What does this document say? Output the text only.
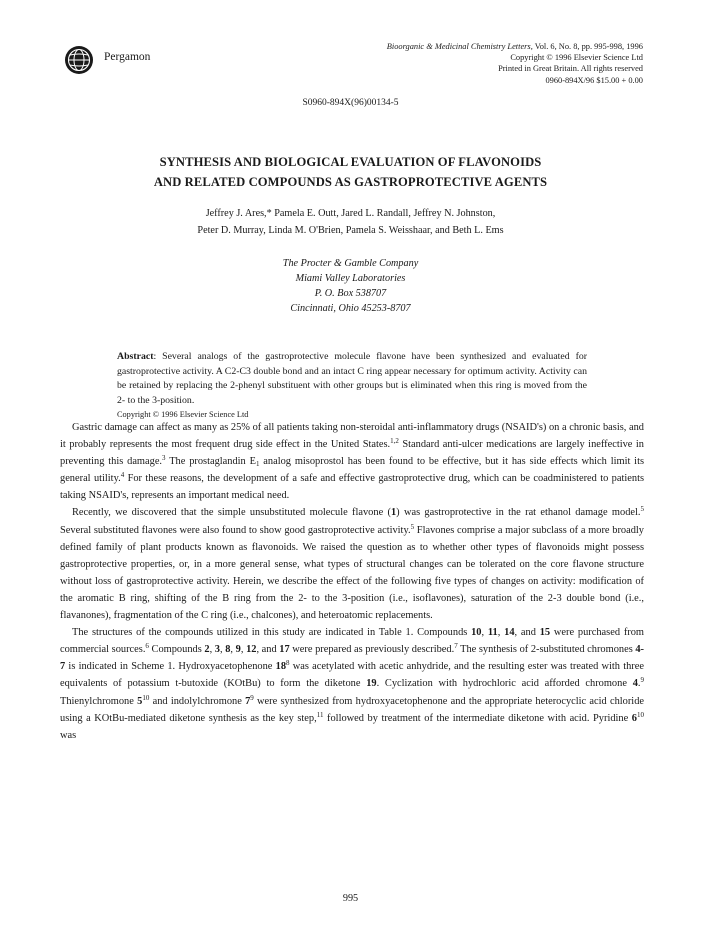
Pergamon
Bioorganic & Medicinal Chemistry Letters, Vol. 6, No. 8, pp. 995-998, 1996
Copyright © 1996 Elsevier Science Ltd
Printed in Great Britain. All rights reserved
0960-894X/96 $15.00 + 0.00
S0960-894X(96)00134-5
SYNTHESIS AND BIOLOGICAL EVALUATION OF FLAVONOIDS
AND RELATED COMPOUNDS AS GASTROPROTECTIVE AGENTS
Jeffrey J. Ares,* Pamela E. Outt, Jared L. Randall, Jeffrey N. Johnston,
Peter D. Murray, Linda M. O'Brien, Pamela S. Weisshaar, and Beth L. Ems
The Procter & Gamble Company
Miami Valley Laboratories
P. O. Box 538707
Cincinnati, Ohio 45253-8707
Abstract: Several analogs of the gastroprotective molecule flavone have been synthesized and evaluated for gastroprotective activity. A C2-C3 double bond and an intact C ring appear necessary for optimum activity. Activity can be retained by replacing the 2-phenyl substituent with other groups but is eliminated when this ring is moved from the 2- to the 3-position.
Copyright © 1996 Elsevier Science Ltd

Gastric damage can affect as many as 25% of all patients taking non-steroidal anti-inflammatory drugs (NSAID's) on a chronic basis, and it probably represents the most frequent drug side effect in the United States.$^{1,2}$ Standard anti-ulcer medications are largely ineffective in preventing this damage.$^3$ The prostaglandin $E_1$ analog misoprostol has been found to be effective, but it has side effects which limit its general utility.$^4$ For these reasons, the development of a safe and effective gastroprotective drug, which can be coadministered to patients taking NSAID's, represents an important medical need.

Recently, we discovered that the simple unsubstituted molecule flavone (1) was gastroprotective in the rat ethanol damage model.$^5$ Several substituted flavones were also found to show good gastroprotective activity.$^5$ Flavones comprise a major subclass of a more broadly defined family of plant products known as flavonoids. We raised the question as to whether other types of flavonoids might possess gastroprotective properties, or, in a more general sense, what types of structural changes can be tolerated on the core flavone structure without loss of gastroprotective activity. Herein, we describe the effect of the following five types of changes on activity: modification of the aromatic B ring, shifting of the B ring from the 2- to the 3-position (i.e., isoflavones), saturation of the 2-3 double bond (i.e., flavanones), fragmentation of the C ring (i.e., chalcones), and heteroatomic replacements.

The structures of the compounds utilized in this study are indicated in Table 1. Compounds 10, 11, 14, and 15 were purchased from commercial sources.$^6$ Compounds 2, 3, 8, 9, 12, and 17 were prepared as previously described.$^7$ The synthesis of 2-substituted chromones 4-7 is indicated in Scheme 1. Hydroxyacetophenone $18^8$ was acetylated with acetic anhydride, and the resulting ester was treated with three equivalents of potassium t-butoxide (KOtBu) to form the diketone 19. Cyclization with hydrochloric acid afforded chromone 4.$^9$ Thienylchromone $5^{10}$ and indolylchromone $7^9$ were synthesized from hydroxyacetophenone and the appropriate heterocyclic acid chloride using a KOtBu-mediated diketone synthesis as the key step,$^{11}$ followed by treatment of the intermediate diketone with acid. Pyridine $6^{10}$ was

995
